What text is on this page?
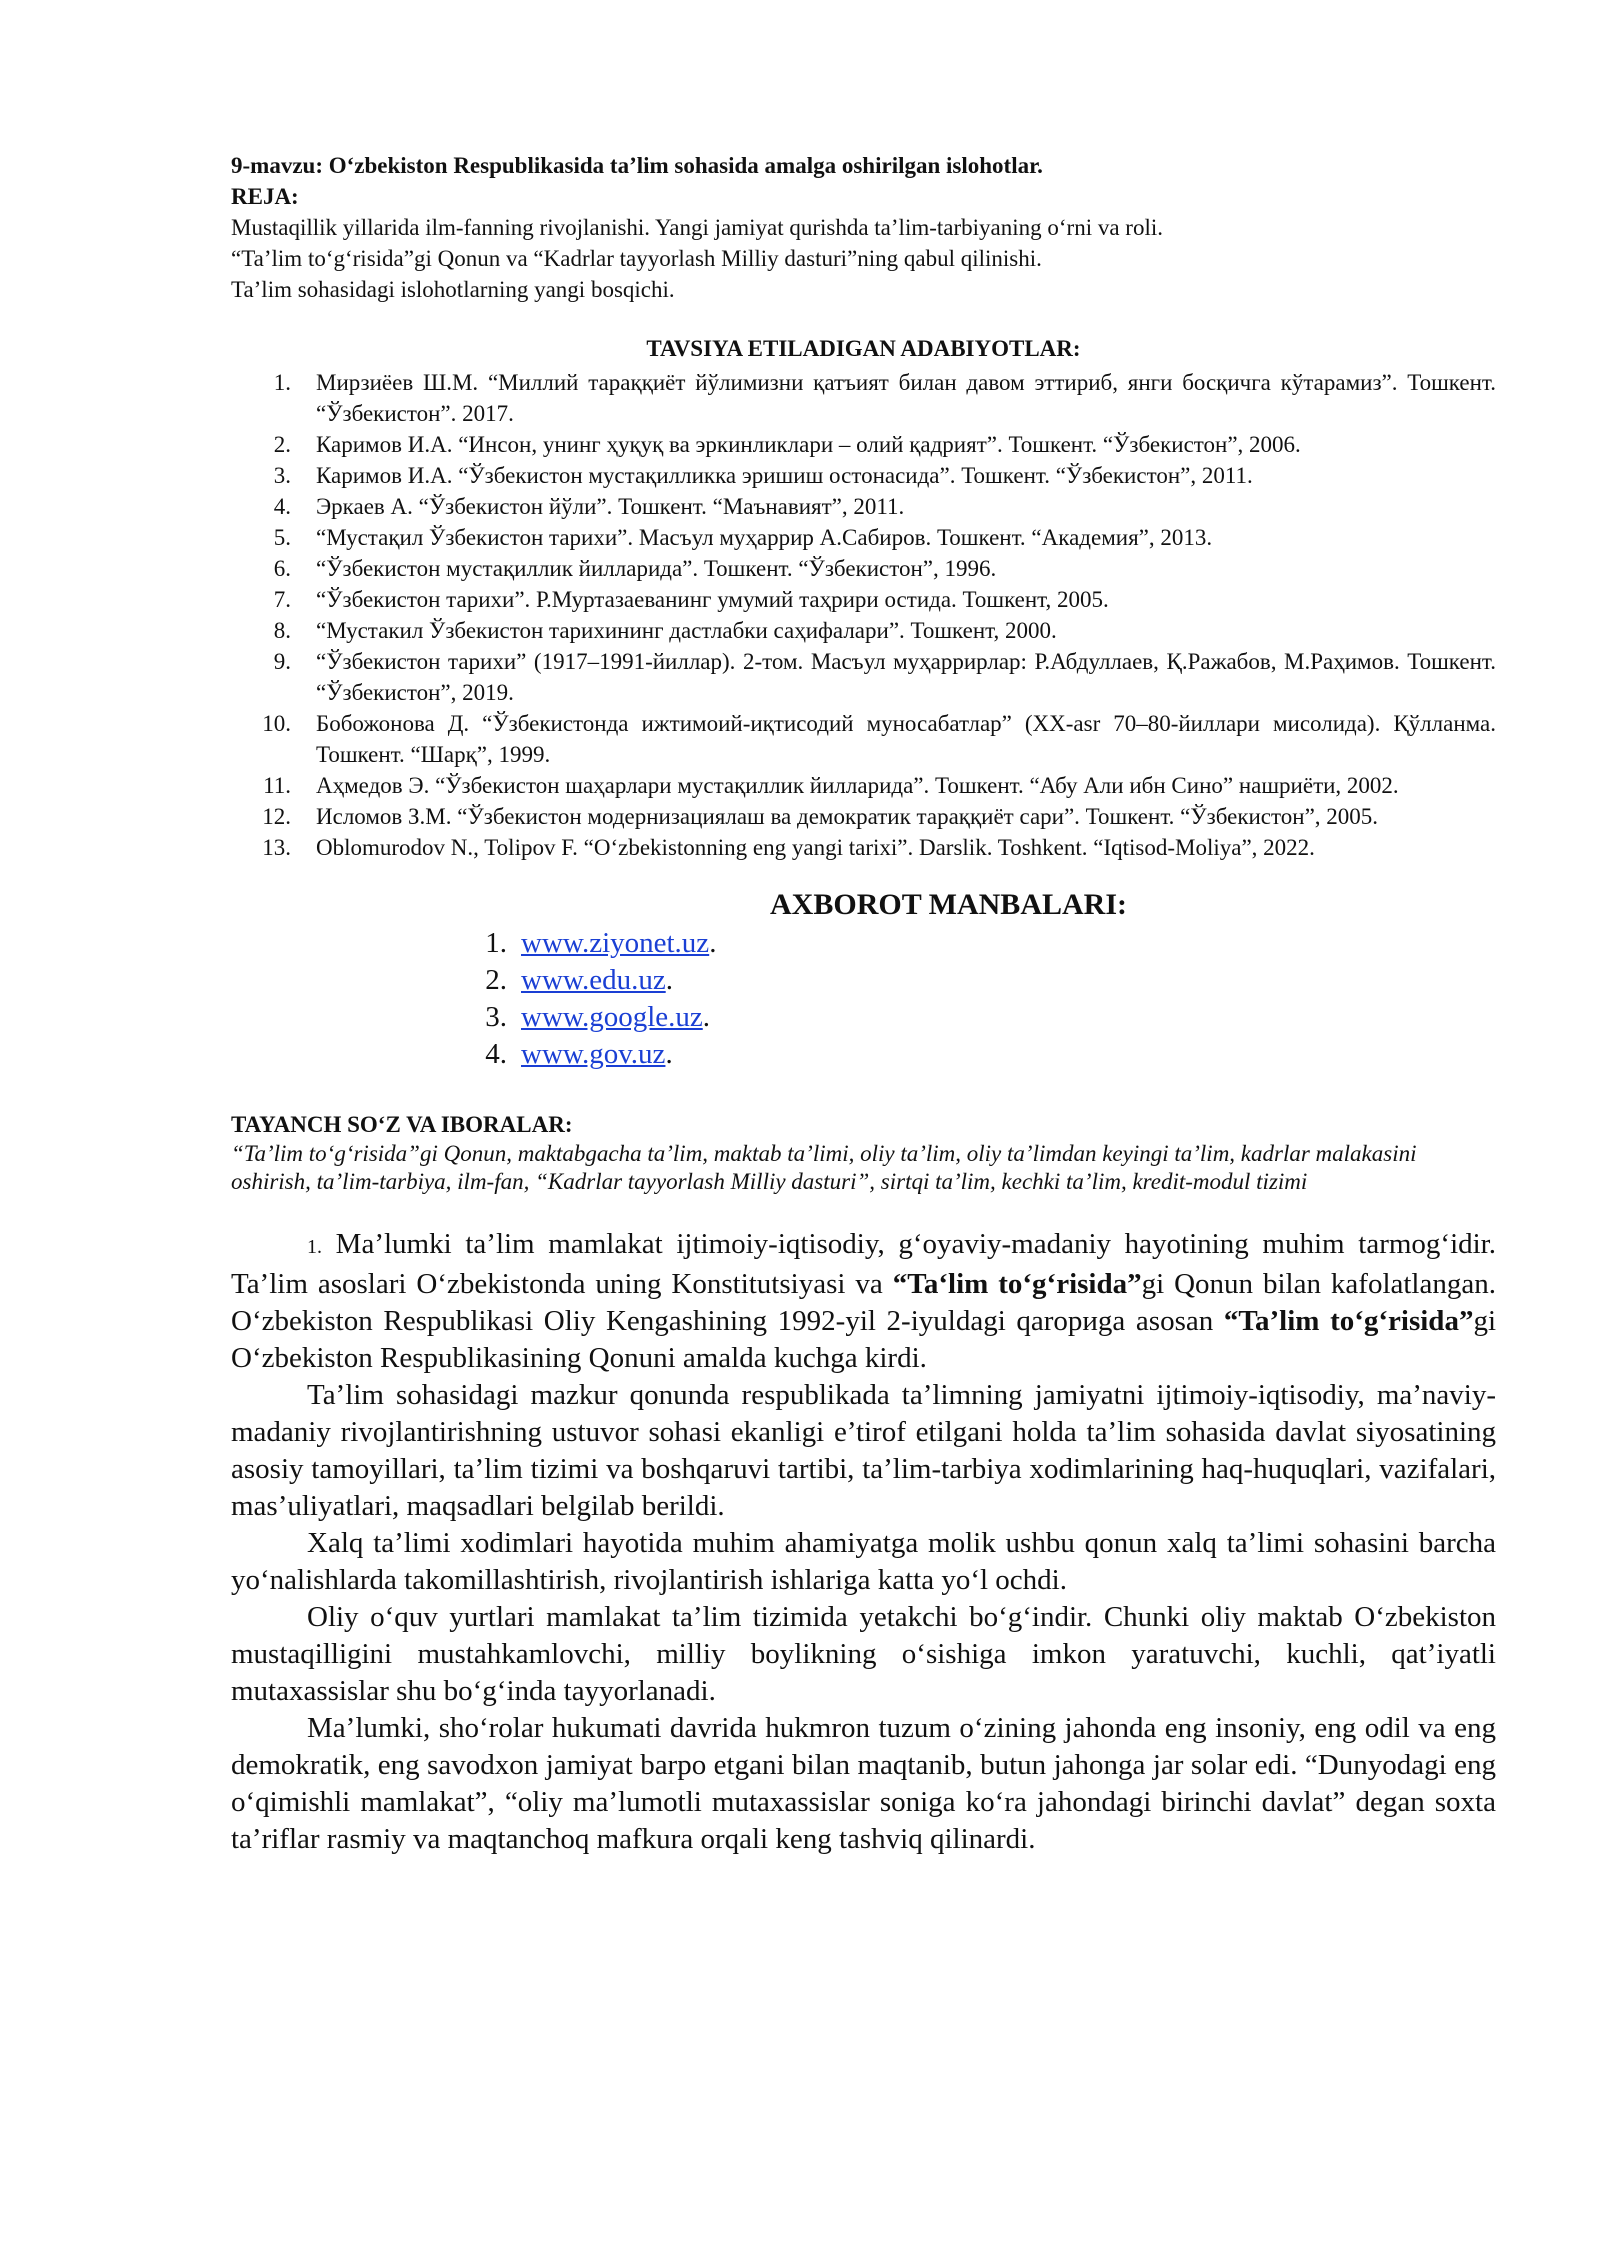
9-mavzu: O‘zbekiston Respublikasida ta’lim sohasida amalga oshirilgan islohotlar.

REJA:

Mustaqillik yillarida ilm-fanning rivojlanishi. Yangi jamiyat qurishda ta’lim-tarbiyaning o‘rni va roli.

“Ta’lim to‘g‘risida”gi Qonun va “Kadrlar tayyorlash Milliy dasturi”ning qabul qilinishi.

Ta’lim sohasidagi islohotlarning yangi bosqichi.

TAVSIYA ETILADIGAN ADABIYOTLAR:
1. Мирзиёев Ш.М. “Миллий тараққиёт йўлимизни қатъият билан давом эттириб, янги босқичга кўтарамиз”. Тошкент. “Ўзбекистон”. 2017.
2. Каримов И.А. “Инсон, унинг ҳуқуқ ва эркинликлари – олий қадрият”. Тошкент. “Ўзбекистон”, 2006.
3. Каримов И.А. “Ўзбекистон мустақилликка эришиш остонасида”. Тошкент. “Ўзбекистон”, 2011.
4. Эркаев А. “Ўзбекистон йўли”. Тошкент. “Маънавият”, 2011.
5. “Мустақил Ўзбекистон тарихи”. Масъул муҳаррир А.Сабиров. Тошкент. “Академия”, 2013.
6. “Ўзбекистон мустақиллик йилларида”. Тошкент. “Ўзбекистон”, 1996.
7. “Ўзбекистон тарихи”. Р.Муртазаеванинг умумий таҳрири остида. Тошкент, 2005.
8. “Мустакил Ўзбекистон тарихининг дастлабки саҳифалари”. Тошкент, 2000.
9. “Ўзбекистон тарихи” (1917–1991-йиллар). 2-том. Масъул муҳаррирлар: Р.Абдуллаев, Қ.Ражабов, М.Раҳимов. Тошкент. “Ўзбекистон”, 2019.
10. Бобожонова Д. “Ўзбекистонда ижтимоий-иқтисодий муносабатлар” (XX-asr 70–80-йиллари мисолида). Қўлланма. Тошкент. “Шарқ”, 1999.
11. Аҳмедов Э. “Ўзбекистон шаҳарлари мустақиллик йилларида”. Тошкент. “Абу Али ибн Сино” нашриёти, 2002.
12. Исломов З.М. “Ўзбекистон модернизациялаш ва демократик тараққиёт сари”. Тошкент. “Ўзбекистон”, 2005.
13. Oblomurodov N., Tolipov F. “O‘zbekistonning eng yangi tarixi”. Darslik. Toshkent. “Iqtisod-Moliya”, 2022.
AXBOROT MANBALARI:
1. www.ziyonet.uz.
2. www.edu.uz.
3. www.google.uz.
4. www.gov.uz.

TAYANCH SO‘Z VA IBORALAR:

“Ta’lim to‘g‘risida”gi Qonun, maktabgacha ta’lim, maktab ta’limi, oliy ta’lim, oliy ta’limdan keyingi ta’lim, kadrlar malakasini oshirish, ta’lim-tarbiya, ilm-fan, “Kadrlar tayyorlash Milliy dasturi”, sirtqi ta’lim, kechki ta’lim, kredit-modul tizimi

1. Ma’lumki ta’lim mamlakat ijtimoiy-iqtisodiy, g‘oyaviy-madaniy hayotining muhim tarmog‘idir. Ta’lim asoslari O‘zbekistonda uning Konstitutsiyasi va “Ta‘lim to‘g‘risida”gi Qonun bilan kafolatlangan. O‘zbekiston Respublikasi Oliy Kengashining 1992-yil 2-iyuldagi qarориga asosan “Ta’lim to‘g‘risida”gi O‘zbekiston Respublikasining Qonuni amalda kuchga kirdi.

Ta’lim sohasidagi mazkur qonunda respublikada ta’limning jamiyatni ijtimoiy-iqtisodiy, ma’naviy-madaniy rivojlantirishning ustuvor sohasi ekanligi e’tirof etilgani holda ta’lim sohasida davlat siyosatining asosiy tamoyillari, ta’lim tizimi va boshqaruvi tartibi, ta’lim-tarbiya xodimlarining haq-huquqlari, vazifalari, mas’uliyatlari, maqsadlari belgilab berildi.

Xalq ta’limi xodimlari hayotida muhim ahamiyatga molik ushbu qonun xalq ta’limi sohasini barcha yo‘nalishlarda takomillashtirish, rivojlantirish ishlariga katta yo‘l ochdi.

Oliy o‘quv yurtlari mamlakat ta’lim tizimida yetakchi bo‘g‘indir. Chunki oliy maktab O‘zbekiston mustaqilligini mustahkamlovchi, milliy boylikning o‘sishiga imkon yaratuvchi, kuchli, qat’iyatli mutaxassislar shu bo‘g‘inda tayyorlanadi.

Ma’lumki, sho‘rolar hukumati davrida hukmron tuzum o‘zining jahonda eng insoniy, eng odil va eng demokratik, eng savodxon jamiyat barpo etgani bilan maqtanib, butun jahonga jar solar edi. “Dunyodagi eng o‘qimishli mamlakat”, “oliy ma’lumotli mutaxassislar soniga ko‘ra jahondagi birinchi davlat” degan soxta ta’riflar rasmiy va maqtanchoq mafkura orqali keng tashviq qilinardi.
